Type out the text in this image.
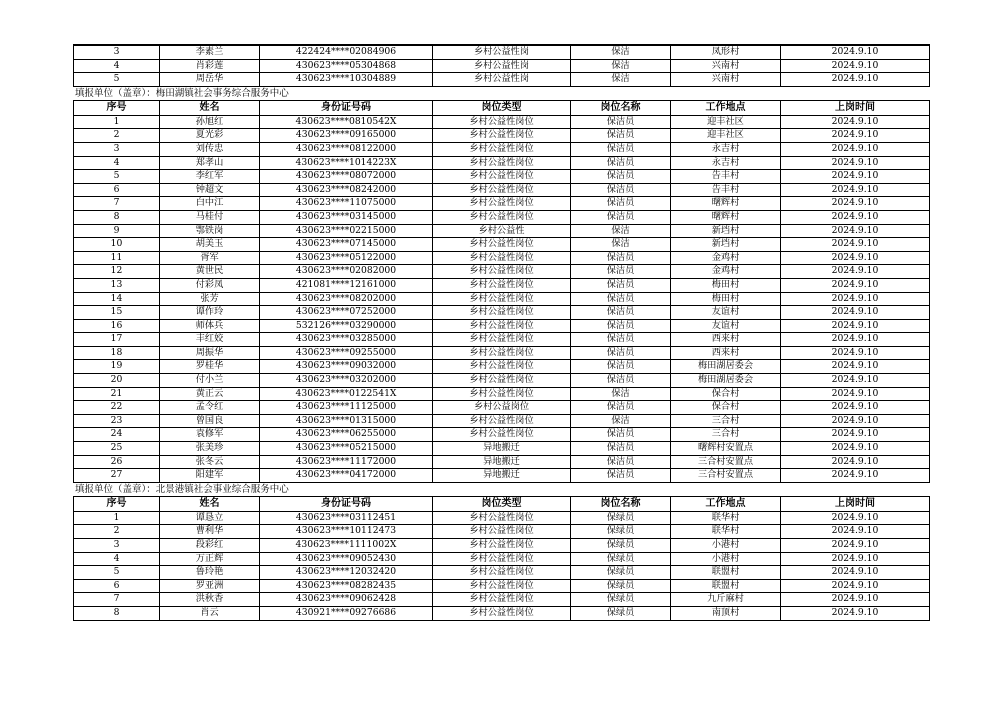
3	李素兰	422424****02084906	乡村公益性岗	保洁	凤形村	2024.9.10
4	肖彩莲	430623****05304868	乡村公益性岗	保洁	兴南村	2024.9.10
5	周岳华	430623****10304889	乡村公益性岗	保洁	兴南村	2024.9.10
填报单位（盖章）：梅田湖镇社会事务综合服务中心
序号	姓名	身份证号码	岗位类型	岗位名称	工作地点	上岗时间
1	孙旭红	430623****0810542X	乡村公益性岗位	保洁员	迎丰社区	2024.9.10
2	夏光彩	430623****09165000	乡村公益性岗位	保洁员	迎丰社区	2024.9.10
3	刘传忠	430623****08122000	乡村公益性岗位	保洁员	永吉村	2024.9.10
4	郑孝山	430623****1014223X	乡村公益性岗位	保洁员	永吉村	2024.9.10
5	李红军	430623****08072000	乡村公益性岗位	保洁员	告丰村	2024.9.10
6	钟超文	430623****08242000	乡村公益性岗位	保洁员	告丰村	2024.9.10
7	白中江	430623****11075000	乡村公益性岗位	保洁员	曙辉村	2024.9.10
8	马桂付	430623****03145000	乡村公益性岗位	保洁员	曙辉村	2024.9.10
9	鄂铁岗	430623****02215000	乡村公益性	保洁	新垱村	2024.9.10
10	胡美玉	430623****07145000	乡村公益性岗位	保洁	新垱村	2024.9.10
11	胥军	430623****05122000	乡村公益性岗位	保洁员	金鸡村	2024.9.10
12	黄世民	430623****02082000	乡村公益性岗位	保洁员	金鸡村	2024.9.10
13	付彩凤	421081****12161000	乡村公益性岗位	保洁员	梅田村	2024.9.10
14	张芳	430623****08202000	乡村公益性岗位	保洁员	梅田村	2024.9.10
15	谭作玲	430623****07252000	乡村公益性岗位	保洁员	友谊村	2024.9.10
16	师体兵	532126****03290000	乡村公益性岗位	保洁员	友谊村	2024.9.10
17	丰红姣	430623****03285000	乡村公益性岗位	保洁员	西来村	2024.9.10
18	周振华	430623****09255000	乡村公益性岗位	保洁员	西来村	2024.9.10
19	罗桂华	430623****09032000	乡村公益性岗位	保洁员	梅田湖居委会	2024.9.10
20	付小兰	430623****03202000	乡村公益性岗位	保洁员	梅田湖居委会	2024.9.10
21	黄正云	430623****0122541X	乡村公益性岗位	保洁	保合村	2024.9.10
22	孟令红	430623****11125000	乡村公益岗位	保洁员	保合村	2024.9.10
23	曾国良	430623****01315000	乡村公益性岗位	保洁	三合村	2024.9.10
24	袁修军	430623****06255000	乡村公益性岗位	保洁员	三合村	2024.9.10
25	张美珍	430623****05215000	异地搬迁	保洁员	曙辉村安置点	2024.9.10
26	张冬云	430623****11172000	异地搬迁	保洁员	三合村安置点	2024.9.10
27	阳建军	430623****04172000	异地搬迁	保洁员	三合村安置点	2024.9.10
填报单位（盖章）：北景港镇社会事业综合服务中心
序号	姓名	身份证号码	岗位类型	岗位名称	工作地点	上岗时间
1	谭恳立	430623****03112451	乡村公益性岗位	保绿员	联华村	2024.9.10
2	曹利华	430623****10112473	乡村公益性岗位	保绿员	联华村	2024.9.10
3	段彩红	430623****1111002X	乡村公益性岗位	保绿员	小港村	2024.9.10
4	万正辉	430623****09052430	乡村公益性岗位	保绿员	小港村	2024.9.10
5	鲁玲艳	430623****12032420	乡村公益性岗位	保绿员	联盟村	2024.9.10
6	罗亚洲	430623****08282435	乡村公益性岗位	保绿员	联盟村	2024.9.10
7	洪秋香	430623****09062428	乡村公益性岗位	保绿员	九斤麻村	2024.9.10
8	肖云	430921****09276686	乡村公益性岗位	保绿员	南顶村	2024.9.10
